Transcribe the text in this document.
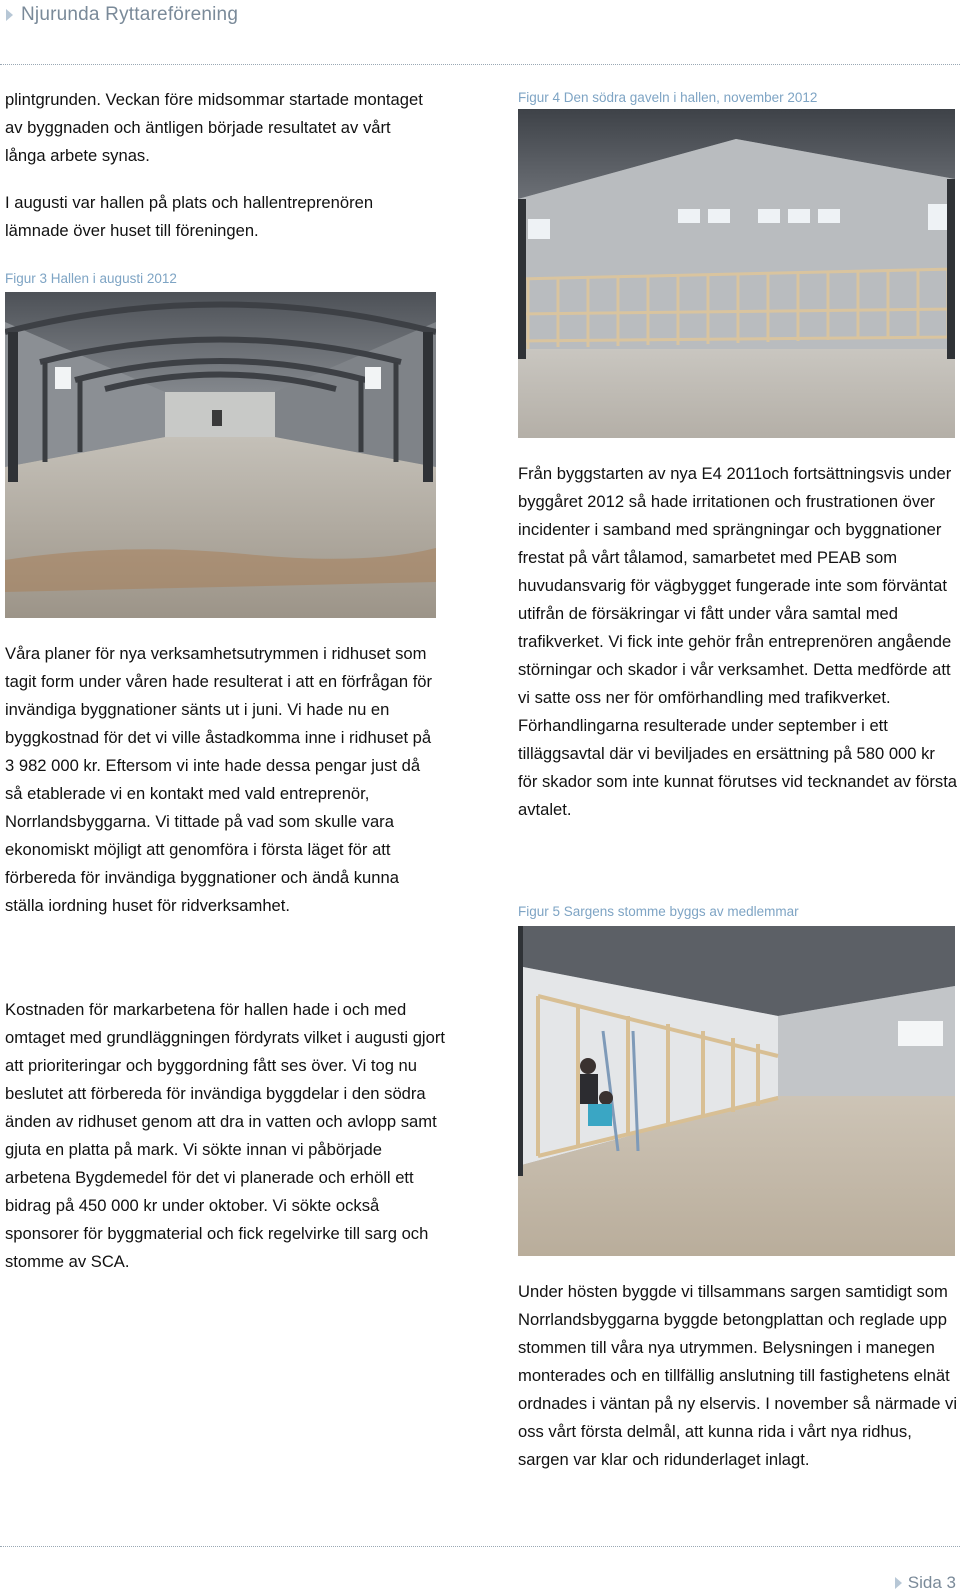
Njurunda Ryttareförening

plintgrunden. Veckan före midsommar startade montaget av byggnaden och äntligen började resultatet av vårt långa arbete synas.

I augusti var hallen på plats och hallentreprenören lämnade över huset till föreningen.

Figur 3 Hallen i augusti 2012

Våra planer för nya verksamhetsutrymmen i ridhuset som tagit form under våren hade resulterat i att en förfrågan för invändiga byggnationer sänts ut i juni. Vi hade nu en byggkostnad för det vi ville åstadkomma inne i ridhuset på 3 982 000 kr. Eftersom vi inte hade dessa pengar just då så etablerade vi en kontakt med vald entreprenör, Norrlandsbyggarna. Vi tittade på vad som skulle vara ekonomiskt möjligt att genomföra i första läget för att förbereda för invändiga byggnationer och ändå kunna ställa iordning huset för ridverksamhet.

Kostnaden för markarbetena för hallen hade i och med omtaget med grundläggningen fördyrats vilket i augusti gjort att prioriteringar och byggordning fått ses över. Vi tog nu beslutet att förbereda för invändiga byggdelar i den södra änden av ridhuset genom att dra in vatten och avlopp samt gjuta en platta på mark. Vi sökte innan vi påbörjade arbetena Bygdemedel för det vi planerade och erhöll ett bidrag på 450 000 kr under oktober. Vi sökte också sponsorer för byggmaterial och fick regelvirke till sarg och stomme av SCA.

Figur 4 Den södra gaveln i hallen, november 2012

Från byggstarten av nya E4 2011och fortsättningsvis under byggåret 2012 så hade irritationen och frustrationen över incidenter i samband med sprängningar och byggnationer frestat på vårt tålamod, samarbetet med PEAB som huvudansvarig för vägbygget fungerade inte som förväntat utifrån de försäkringar vi fått under våra samtal med trafikverket. Vi fick inte gehör från entreprenören angående störningar och skador i vår verksamhet. Detta medförde att vi satte oss ner för omförhandling med trafikverket. Förhandlingarna resulterade under september i ett tilläggsavtal där vi beviljades en ersättning på 580 000 kr för skador som inte kunnat förutses vid tecknandet av första avtalet.

Figur 5 Sargens stomme byggs av medlemmar

Under hösten byggde vi tillsammans sargen samtidigt som Norrlandsbyggarna byggde betongplattan och reglade upp stommen till våra nya utrymmen. Belysningen i manegen monterades och en tillfällig anslutning till fastighetens elnät ordnades i väntan på ny elservis. I november så närmade vi oss vårt första delmål, att kunna rida i vårt nya ridhus, sargen var klar och ridunderlaget inlagt.

Sida 3
